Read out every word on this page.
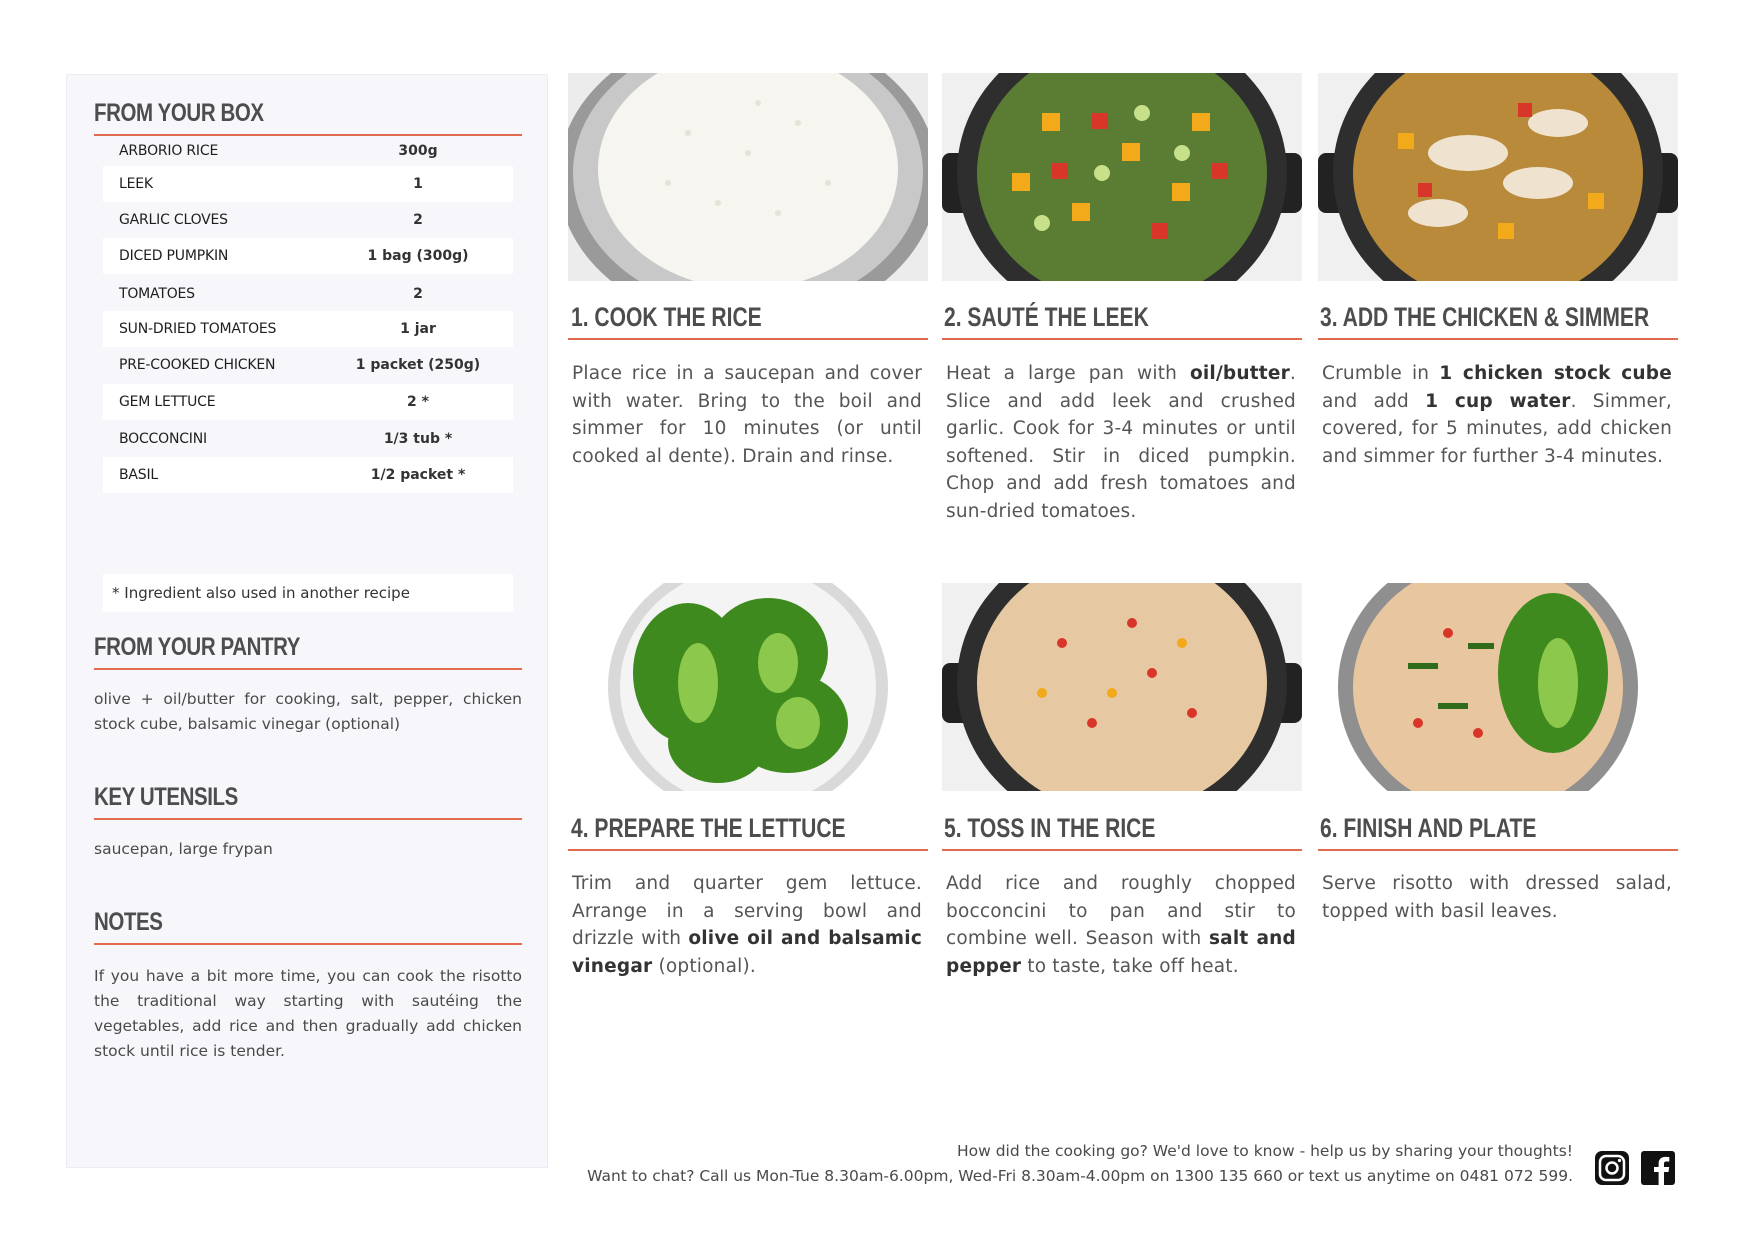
FROM YOUR BOX
ARBORIO RICE	300g
LEEK	1
GARLIC CLOVES	2
DICED PUMPKIN	1 bag (300g)
TOMATOES	2
SUN-DRIED TOMATOES	1 jar
PRE-COOKED CHICKEN	1 packet (250g)
GEM LETTUCE	2 *
BOCCONCINI	1/3 tub *
BASIL	1/2 packet *
* Ingredient also used in another recipe
FROM YOUR PANTRY
olive + oil/butter for cooking, salt, pepper, chicken stock cube, balsamic vinegar (optional)
KEY UTENSILS
saucepan, large frypan
NOTES
If you have a bit more time, you can cook the risotto the traditional way starting with sautéing the vegetables, add rice and then gradually add chicken stock until rice is tender.
1. COOK THE RICE	2. SAUTÉ THE LEEK	3. ADD THE CHICKEN & SIMMER
4. PREPARE THE LETTUCE	5. TOSS IN THE RICE	6. FINISH AND PLATE
Place rice in a saucepan and cover with water. Bring to the boil and simmer for 10 minutes (or until cooked al dente). Drain and rinse.
Heat a large pan with oil/butter. Slice and add leek and crushed garlic. Cook for 3-4 minutes or until softened. Stir in diced pumpkin. Chop and add fresh tomatoes and sun-dried tomatoes.
Crumble in 1 chicken stock cube and add 1 cup water. Simmer, covered, for 5 minutes, add chicken and simmer for further 3-4 minutes.
Trim and quarter gem lettuce. Arrange in a serving bowl and drizzle with olive oil and balsamic vinegar (optional).
Add rice and roughly chopped bocconcini to pan and stir to combine well. Season with salt and pepper to taste, take off heat.
Serve risotto with dressed salad, topped with basil leaves.
How did the cooking go? We'd love to know - help us by sharing your thoughts!
Want to chat? Call us Mon-Tue 8.30am-6.00pm, Wed-Fri 8.30am-4.00pm on 1300 135 660 or text us anytime on 0481 072 599.
